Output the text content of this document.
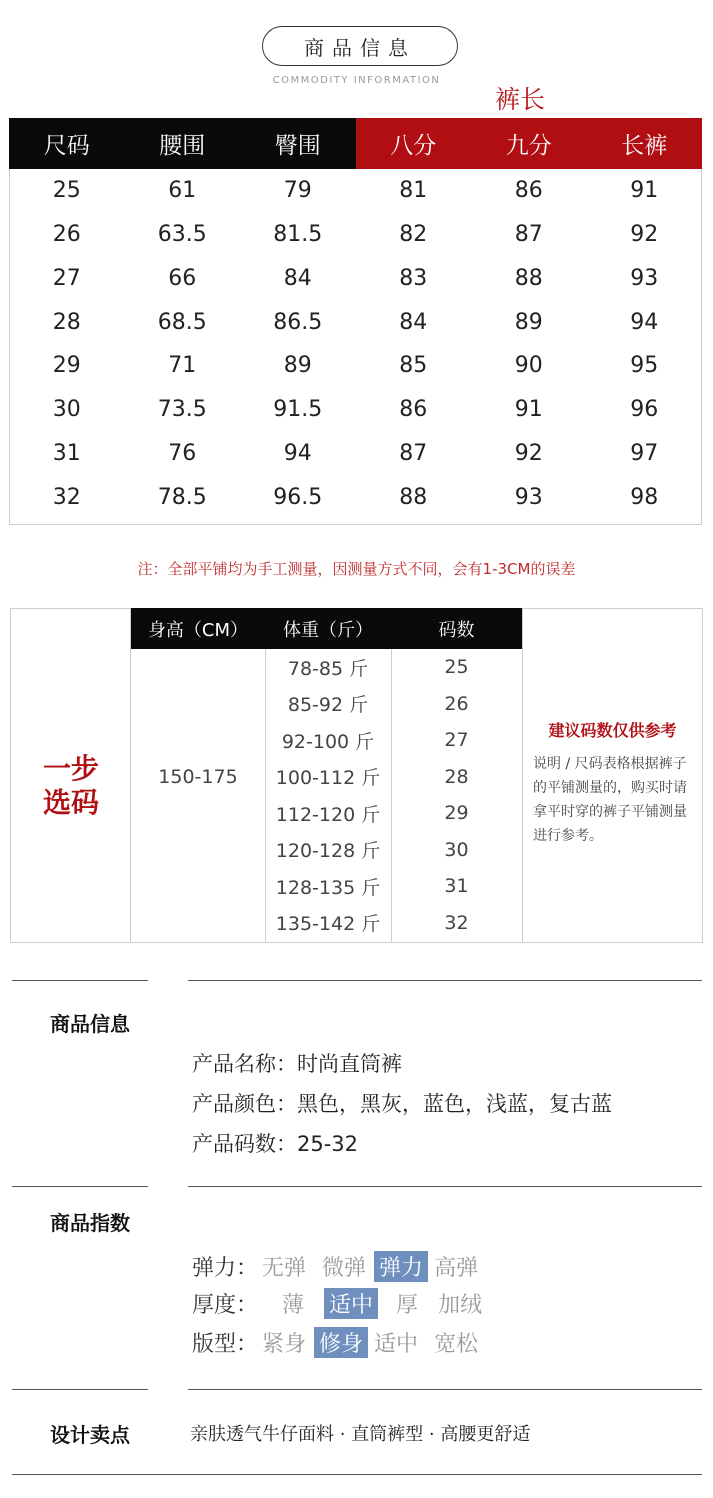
商品信息
COMMODITY INFORMATION
裤长
尺码	腰围	臀围	八分	九分	长裤
25	61	79	81	86	91
26	63.5	81.5	82	87	92
27	66	84	83	88	93
28	68.5	86.5	84	89	94
29	71	89	85	90	95
30	73.5	91.5	86	91	96
31	76	94	87	92	97
32	78.5	96.5	88	93	98
注：全部平铺均为手工测量，因测量方式不同，会有1-3CM的误差
一步
选码
身高（CM）	体重（斤）	码数
150-175
78-85 斤	25
85-92 斤	26
92-100 斤	27
100-112 斤	28
112-120 斤	29
120-128 斤	30
128-135 斤	31
135-142 斤	32
建议码数仅供参考
说明 / 尺码表格根据裤子的平铺测量的，购买时请拿平时穿的裤子平铺测量进行参考。
商品信息
产品名称：时尚直筒裤
产品颜色：黑色，黑灰，蓝色，浅蓝，复古蓝
产品码数：25-32
商品指数
弹力： 无弹 微弹 弹力 高弹
厚度： 薄 适中 厚 加绒
版型： 紧身 修身 适中 宽松
设计卖点	亲肤透气牛仔面料 · 直筒裤型 · 高腰更舒适
